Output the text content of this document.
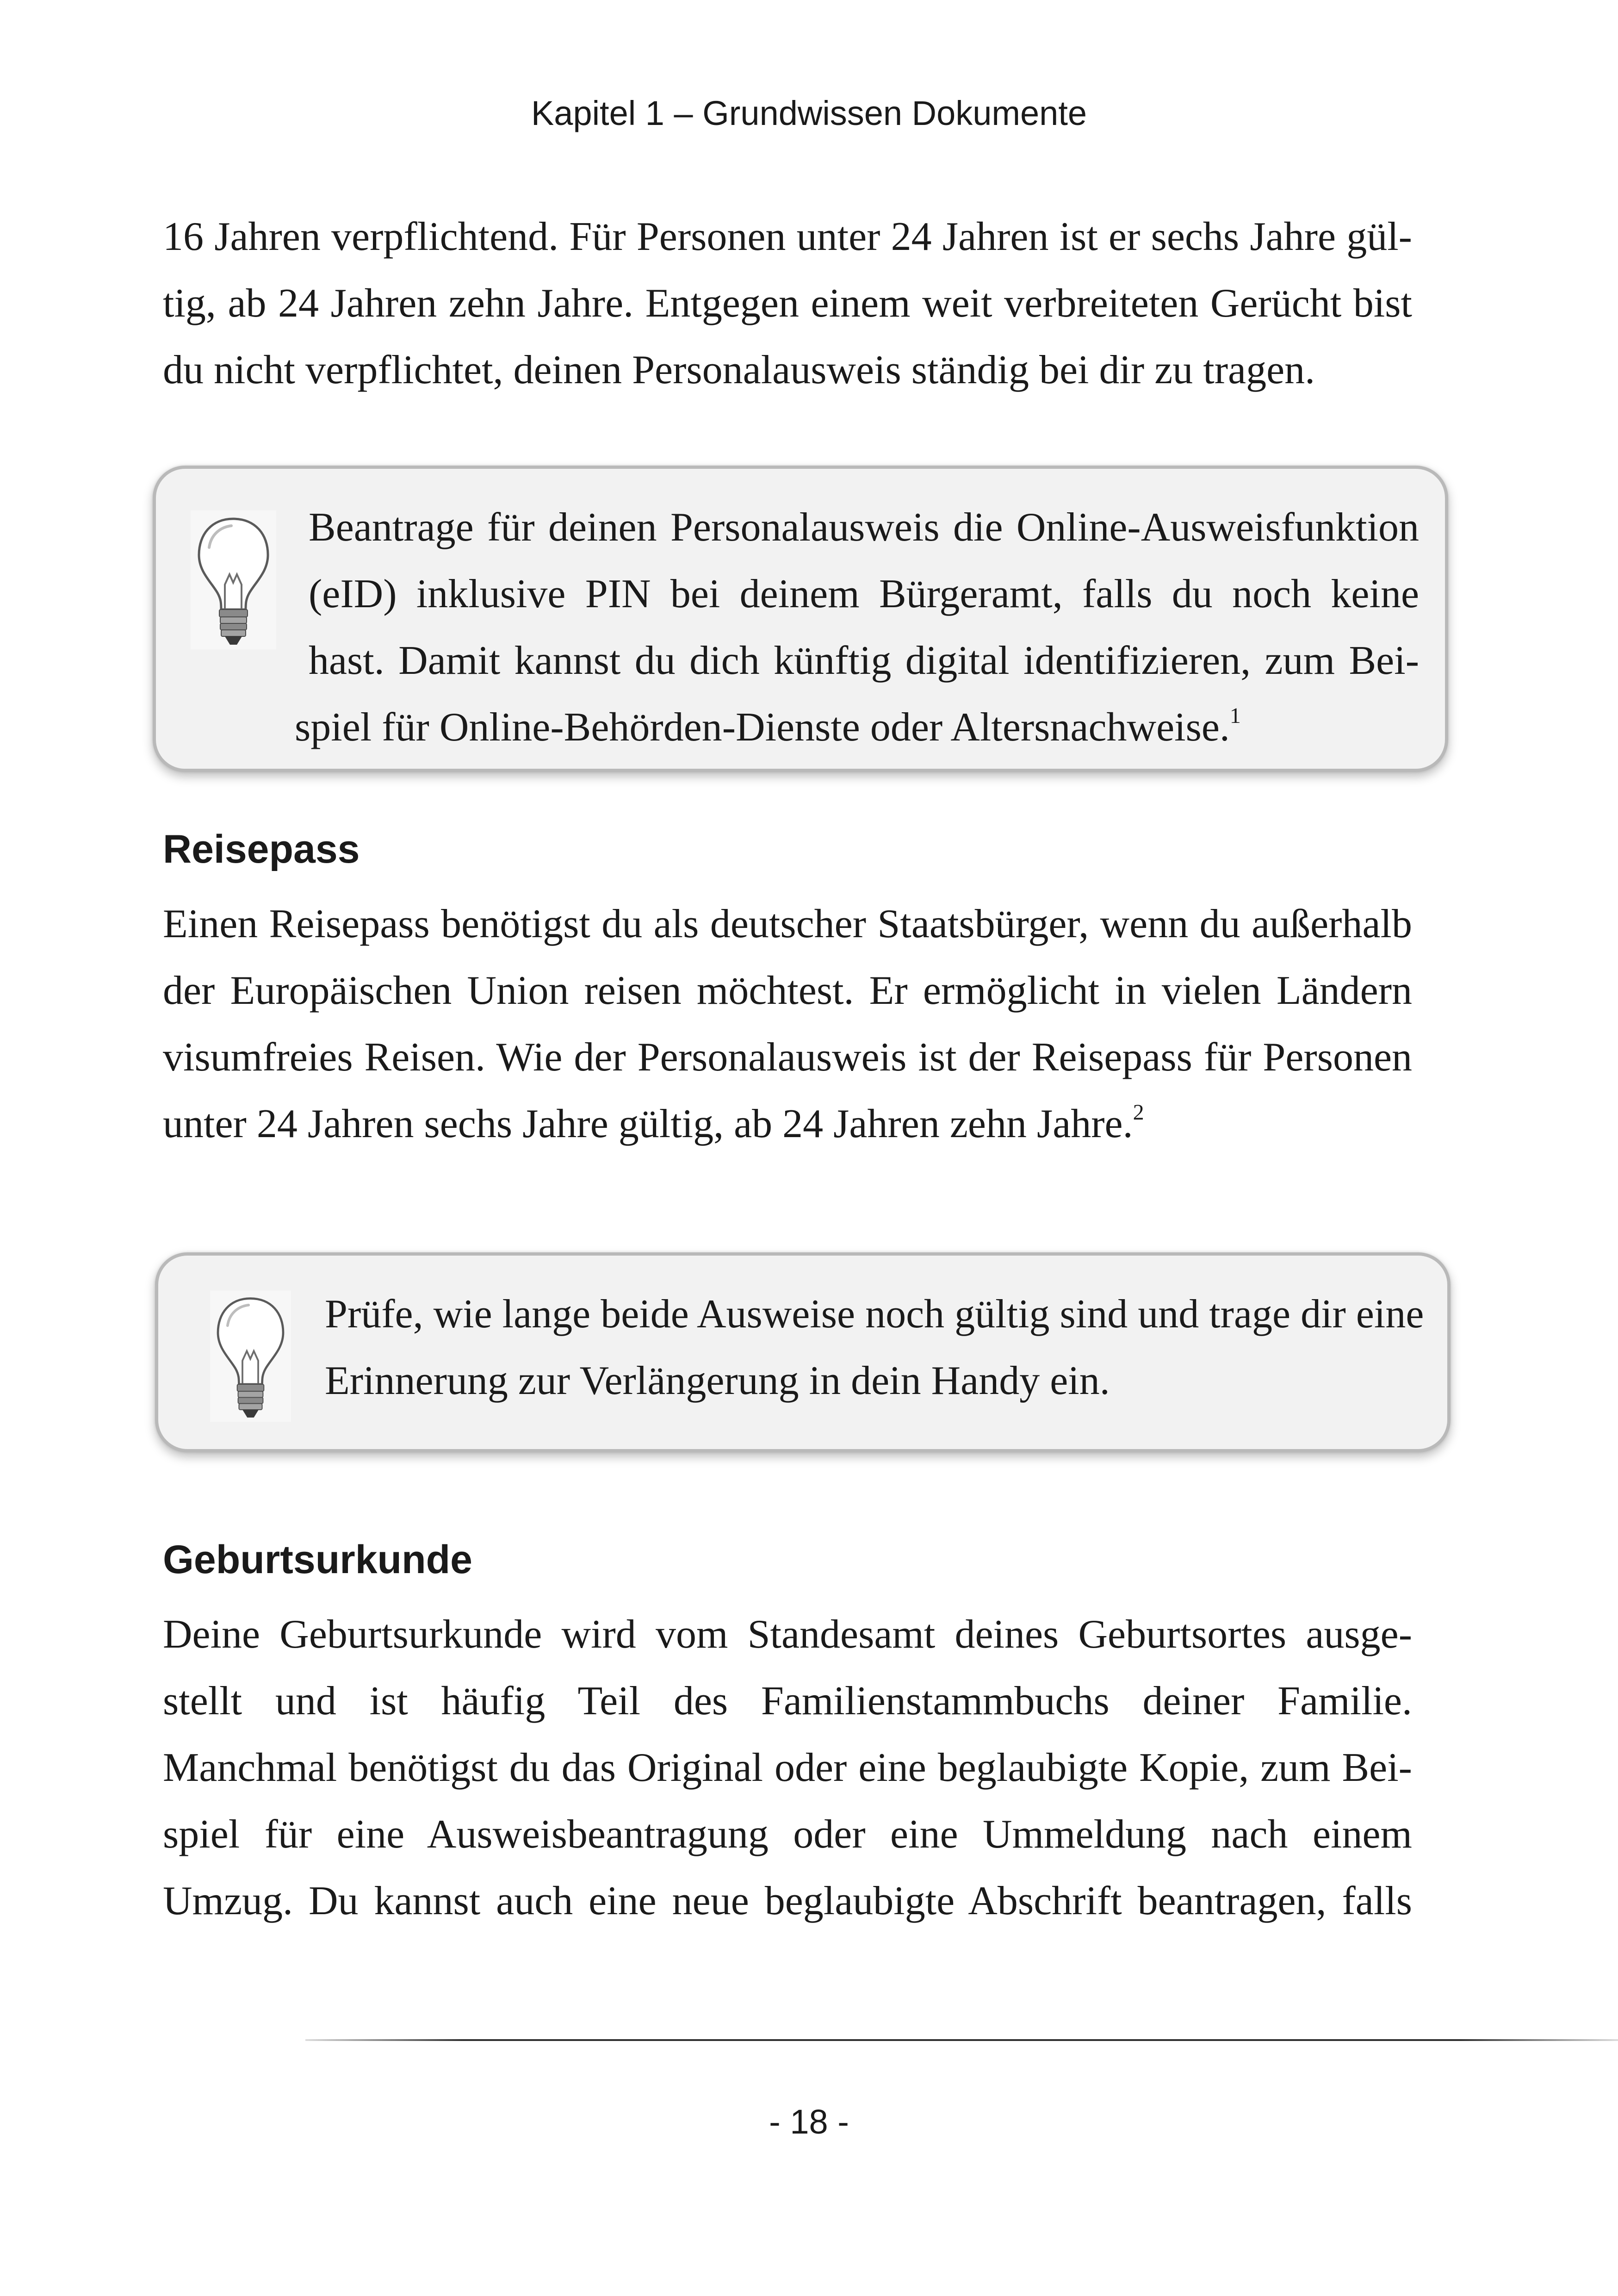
Kapitel 1 – Grundwissen Dokumente

16 Jahren verpflichtend. Für Personen unter 24 Jahren ist er sechs Jahre gül-
tig, ab 24 Jahren zehn Jahre. Entgegen einem weit verbreiteten Gerücht bist
du nicht verpflichtet, deinen Personalausweis ständig bei dir zu tragen.

Beantrage für deinen Personalausweis die Online-Ausweisfunktion
(eID) inklusive PIN bei deinem Bürgeramt, falls du noch keine
hast. Damit kannst du dich künftig digital identifizieren, zum Bei-
spiel für Online-Behörden-Dienste oder Altersnachweise.$^1$

Reisepass

Einen Reisepass benötigst du als deutscher Staatsbürger, wenn du außerhalb
der Europäischen Union reisen möchtest. Er ermöglicht in vielen Ländern
visumfreies Reisen. Wie der Personalausweis ist der Reisepass für Personen
unter 24 Jahren sechs Jahre gültig, ab 24 Jahren zehn Jahre.$^2$

Prüfe, wie lange beide Ausweise noch gültig sind und trage dir eine
Erinnerung zur Verlängerung in dein Handy ein.

Geburtsurkunde

Deine Geburtsurkunde wird vom Standesamt deines Geburtsortes ausge-
stellt und ist häufig Teil des Familienstammbuchs deiner Familie.
Manchmal benötigst du das Original oder eine beglaubigte Kopie, zum Bei-
spiel für eine Ausweisbeantragung oder eine Ummeldung nach einem
Umzug. Du kannst auch eine neue beglaubigte Abschrift beantragen, falls

- 18 -
